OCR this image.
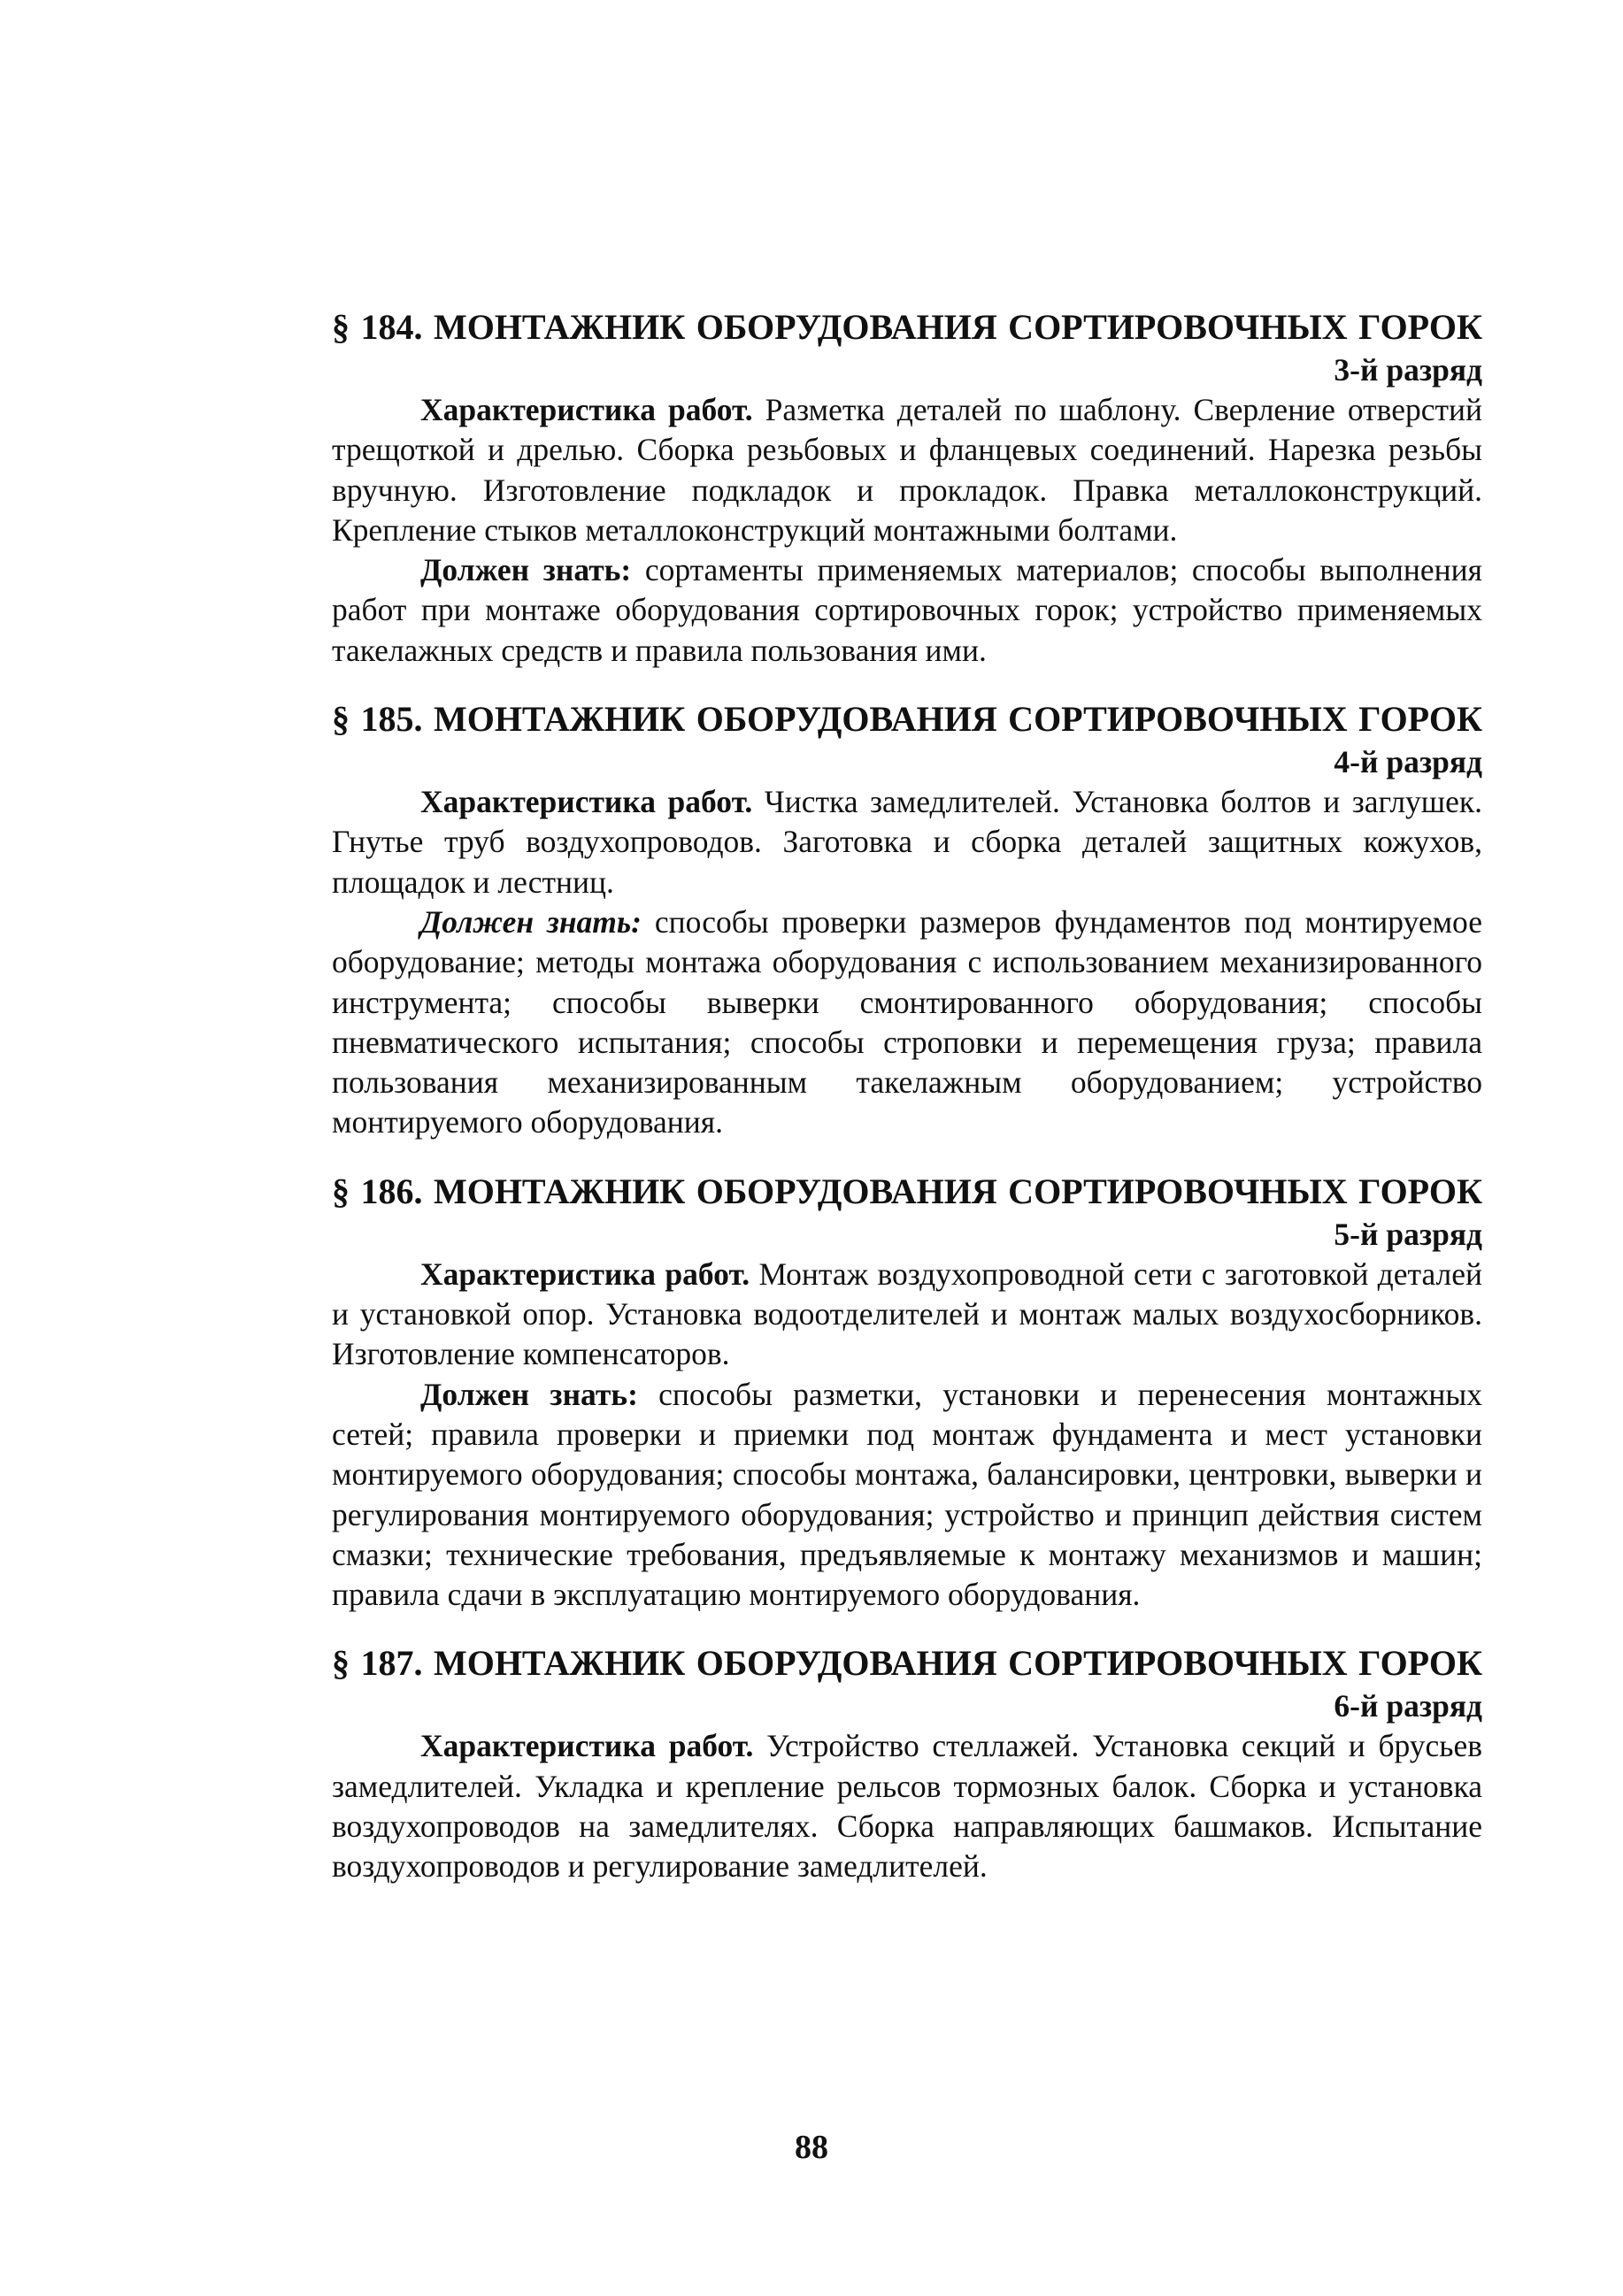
§ 184. МОНТАЖНИК ОБОРУДОВАНИЯ СОРТИРОВОЧНЫХ ГОРОК

3-й разряд

Характеристика работ. Разметка деталей по шаблону. Сверление отверстий трещоткой и дрелью. Сборка резьбовых и фланцевых соединений. Нарезка резьбы вручную. Изготовление подкладок и прокладок. Правка металлоконструкций. Крепление стыков металлоконструкций монтажными болтами.

Должен знать: сортаменты применяемых материалов; способы выполнения работ при монтаже оборудования сортировочных горок; устройство применяемых такелажных средств и правила пользования ими.

§ 185. МОНТАЖНИК ОБОРУДОВАНИЯ СОРТИРОВОЧНЫХ ГОРОК

4-й разряд

Характеристика работ. Чистка замедлителей. Установка болтов и заглушек. Гнутье труб воздухопроводов. Заготовка и сборка деталей защитных кожухов, площадок и лестниц.

Должен знать: способы проверки размеров фундаментов под монтируемое оборудование; методы монтажа оборудования с использованием механизированного инструмента; способы выверки смонтированного оборудования; способы пневматического испытания; способы строповки и перемещения груза; правила пользования механизированным такелажным оборудованием; устройство монтируемого оборудования.

§ 186. МОНТАЖНИК ОБОРУДОВАНИЯ СОРТИРОВОЧНЫХ ГОРОК

5-й разряд

Характеристика работ. Монтаж воздухопроводной сети с заготовкой деталей и установкой опор. Установка водоотделителей и монтаж малых воздухосборников. Изготовление компенсаторов.

Должен знать: способы разметки, установки и перенесения монтажных сетей; правила проверки и приемки под монтаж фундамента и мест установки монтируемого оборудования; способы монтажа, балансировки, центровки, выверки и регулирования монтируемого оборудования; устройство и принцип действия систем смазки; технические требования, предъявляемые к монтажу механизмов и машин; правила сдачи в эксплуатацию монтируемого оборудования.

§ 187. МОНТАЖНИК ОБОРУДОВАНИЯ СОРТИРОВОЧНЫХ ГОРОК

6-й разряд

Характеристика работ. Устройство стеллажей. Установка секций и брусьев замедлителей. Укладка и крепление рельсов тормозных балок. Сборка и установка воздухопроводов на замедлителях. Сборка направляющих башмаков. Испытание воздухопроводов и регулирование замедлителей.

88
